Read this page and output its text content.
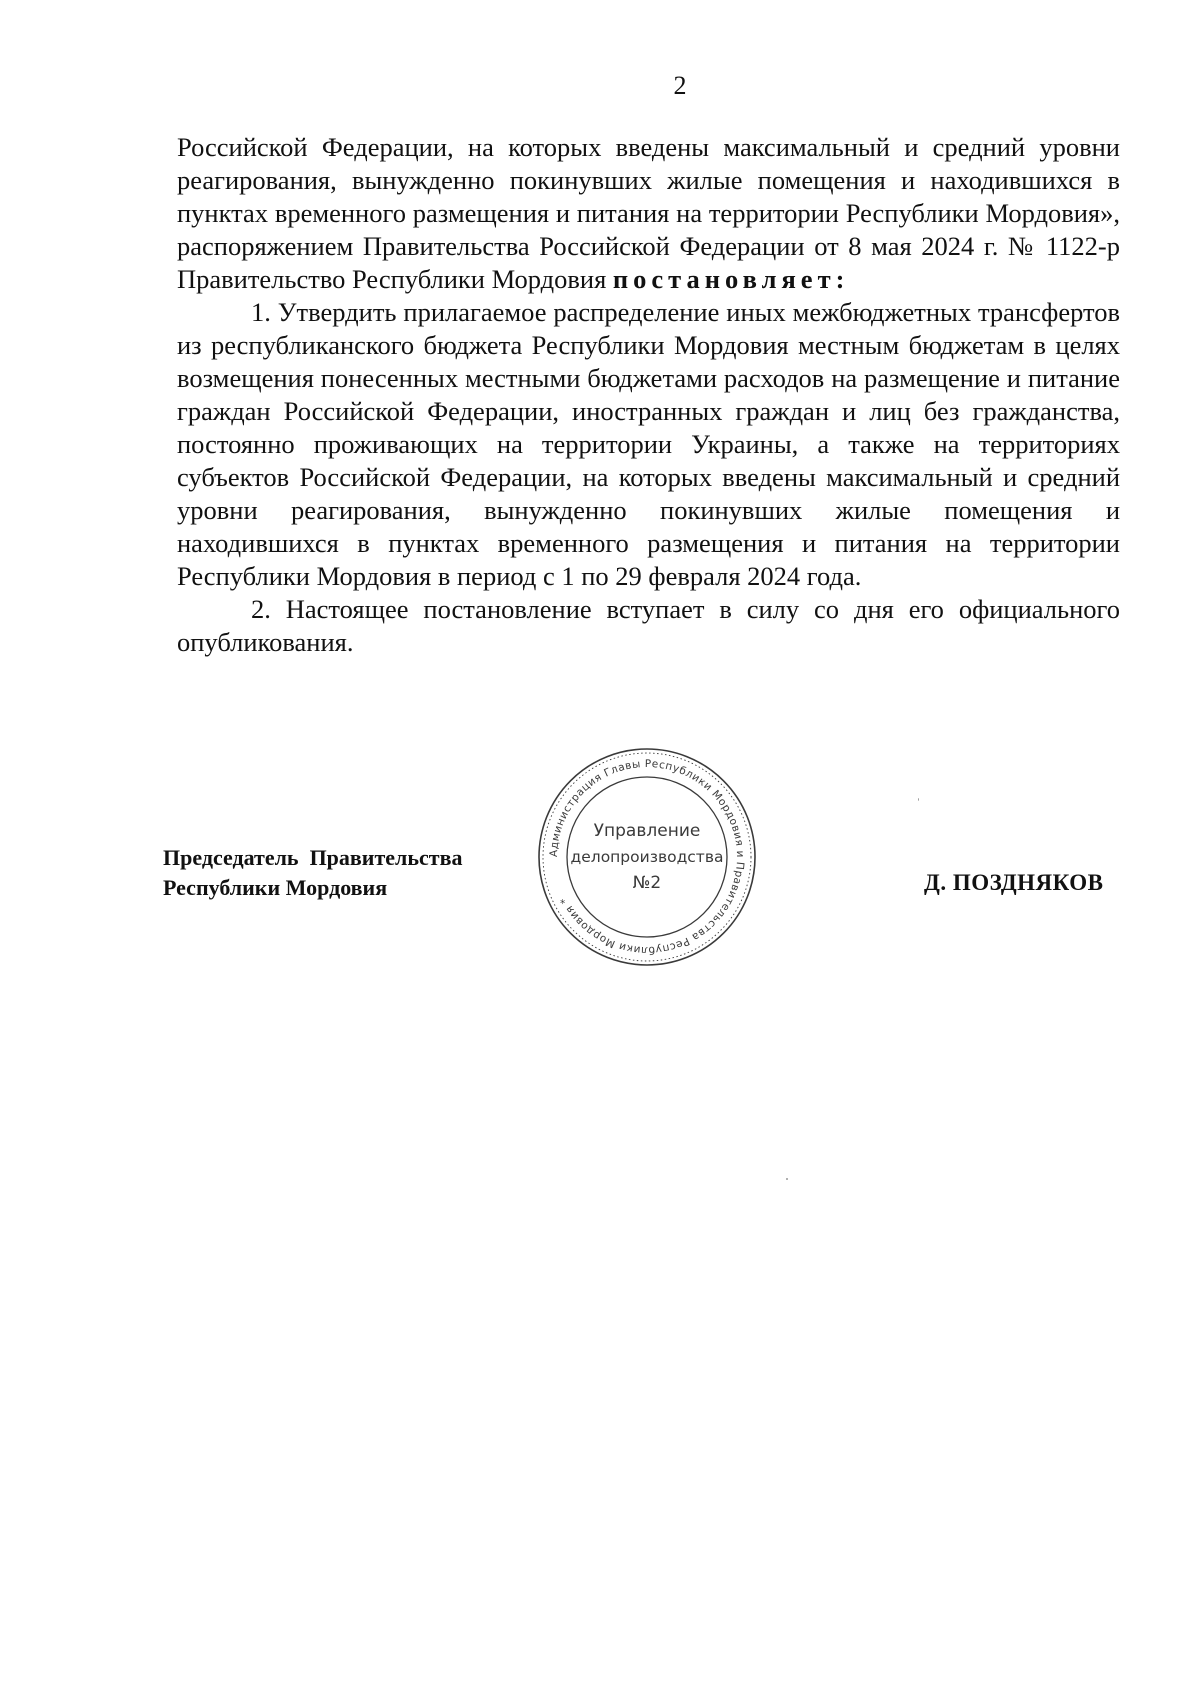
2

Российской Федерации, на которых введены максимальный и средний уровни реагирования, вынужденно покинувших жилые помещения и находившихся в пунктах временного размещения и питания на территории Республики Мордовия», распоряжением Правительства Российской Федерации от 8 мая 2024 г. № 1122-р Правительство Республики Мордовия постановляет:

1. Утвердить прилагаемое распределение иных межбюджетных трансфертов из республиканского бюджета Республики Мордовия местным бюджетам в целях возмещения понесенных местными бюджетами расходов на размещение и питание граждан Российской Федерации, иностранных граждан и лиц без гражданства, постоянно проживающих на территории Украины, а также на территориях субъектов Российской Федерации, на которых введены максимальный и средний уровни реагирования, вынужденно покинувших жилые помещения и находившихся в пунктах временного размещения и питания на территории Республики Мордовия в период с 1 по 29 февраля 2024 года.

2. Настоящее постановление вступает в силу со дня его официального опубликования.

Председатель  Правительства
Республики Мордовия	Д. ПОЗДНЯКОВ
Администрация Главы Республики Мордовия и Правительства Республики Мордовия *
Управление
делопроизводства
№2
